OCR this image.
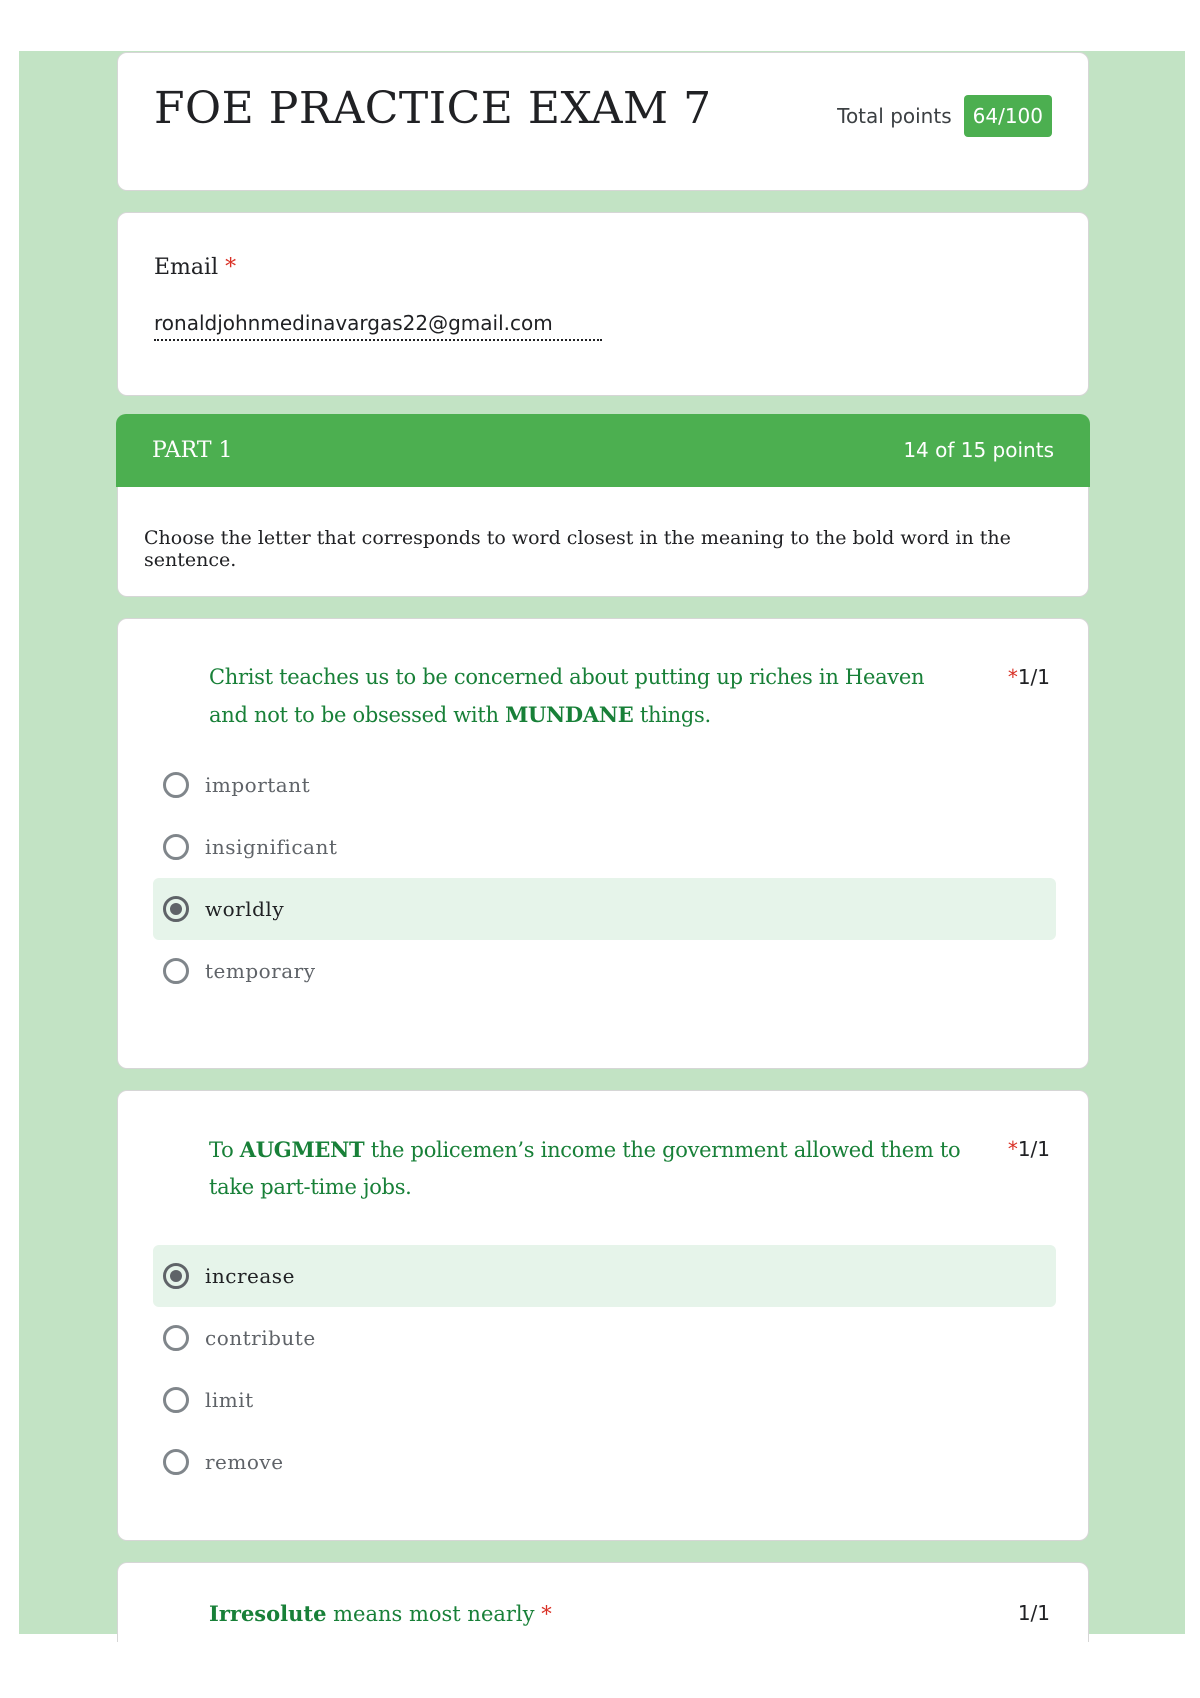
FOE PRACTICE EXAM 7	Total points	64/100
Email *
ronaldjohnmedinavargas22@gmail.com
PART 1	14 of 15 points
Choose the letter that corresponds to word closest in the meaning to the bold word in the sentence.
Christ teaches us to be concerned about putting up riches in Heaven and not to be obsessed with MUNDANE things.
*1/1
important
insignificant
worldly
temporary
To AUGMENT the policemen’s income the government allowed them to take part-time jobs.
*1/1
increase
contribute
limit
remove
Irresolute means most nearly *	1/1
